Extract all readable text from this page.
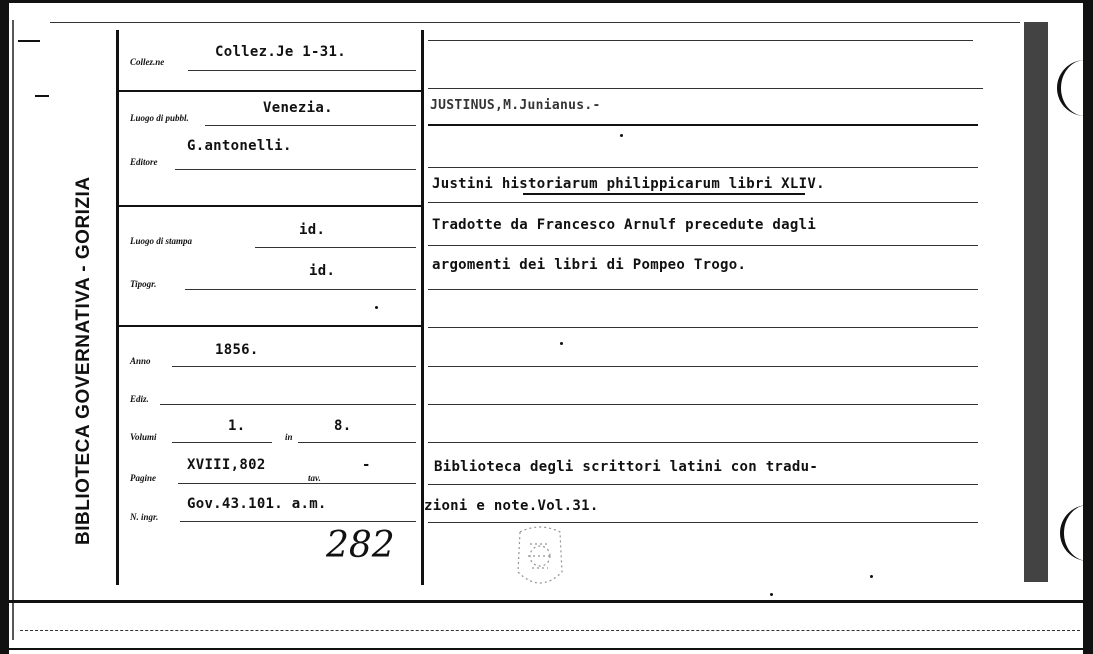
BIBLIOTECA GOVERNATIVA - GORIZIA
Collez.ne
Collez.Je 1-31.
Luogo di pubbl.
Venezia.
Editore
G.antonelli.
Luogo di stampa
id.
Tipogr.
id.
Anno
1856.
Ediz.
Volumi
1.
in
8.
Pagine
XVIII,802
tav.
-
N. ingr.
Gov.43.101. a.m.
282
JUSTINUS,M.Junianus.-
Justini historiarum philippicarum libri XLIV.
Tradotte da Francesco Arnulf precedute dagli
argomenti dei libri di Pompeo Trogo.
Biblioteca degli scrittori latini con tradu-
zioni e note.Vol.31.
